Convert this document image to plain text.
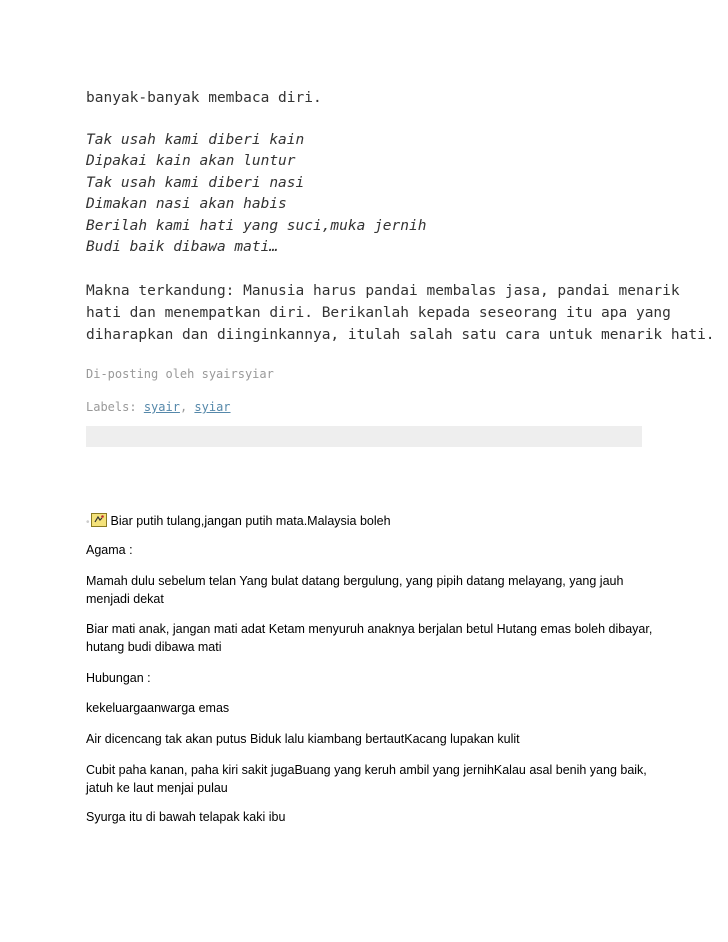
banyak-banyak membaca diri.
Tak usah kami diberi kain
Dipakai kain akan luntur
Tak usah kami diberi nasi
Dimakan nasi akan habis
Berilah kami hati yang suci,muka jernih
Budi baik dibawa mati…
Makna terkandung: Manusia harus pandai membalas jasa, pandai menarik
hati dan menempatkan diri. Berikanlah kepada seseorang itu apa yang
diharapkan dan diinginkannya, itulah salah satu cara untuk menarik hati.
Di-posting oleh syairsyiar
Labels: syair, syiar
• Biar putih tulang,jangan putih mata.Malaysia boleh
Agama :
Mamah dulu sebelum telan Yang bulat datang bergulung, yang pipih datang melayang, yang jauh
menjadi dekat
Biar mati anak, jangan mati adat Ketam menyuruh anaknya berjalan betul Hutang emas boleh dibayar,
hutang budi dibawa mati
Hubungan :
kekeluargaanwarga emas
Air dicencang tak akan putus Biduk lalu kiambang bertautKacang lupakan kulit
Cubit paha kanan, paha kiri sakit jugaBuang yang keruh ambil yang jernihKalau asal benih yang baik,
jatuh ke laut menjai pulau
Syurga itu di bawah telapak kaki ibu
